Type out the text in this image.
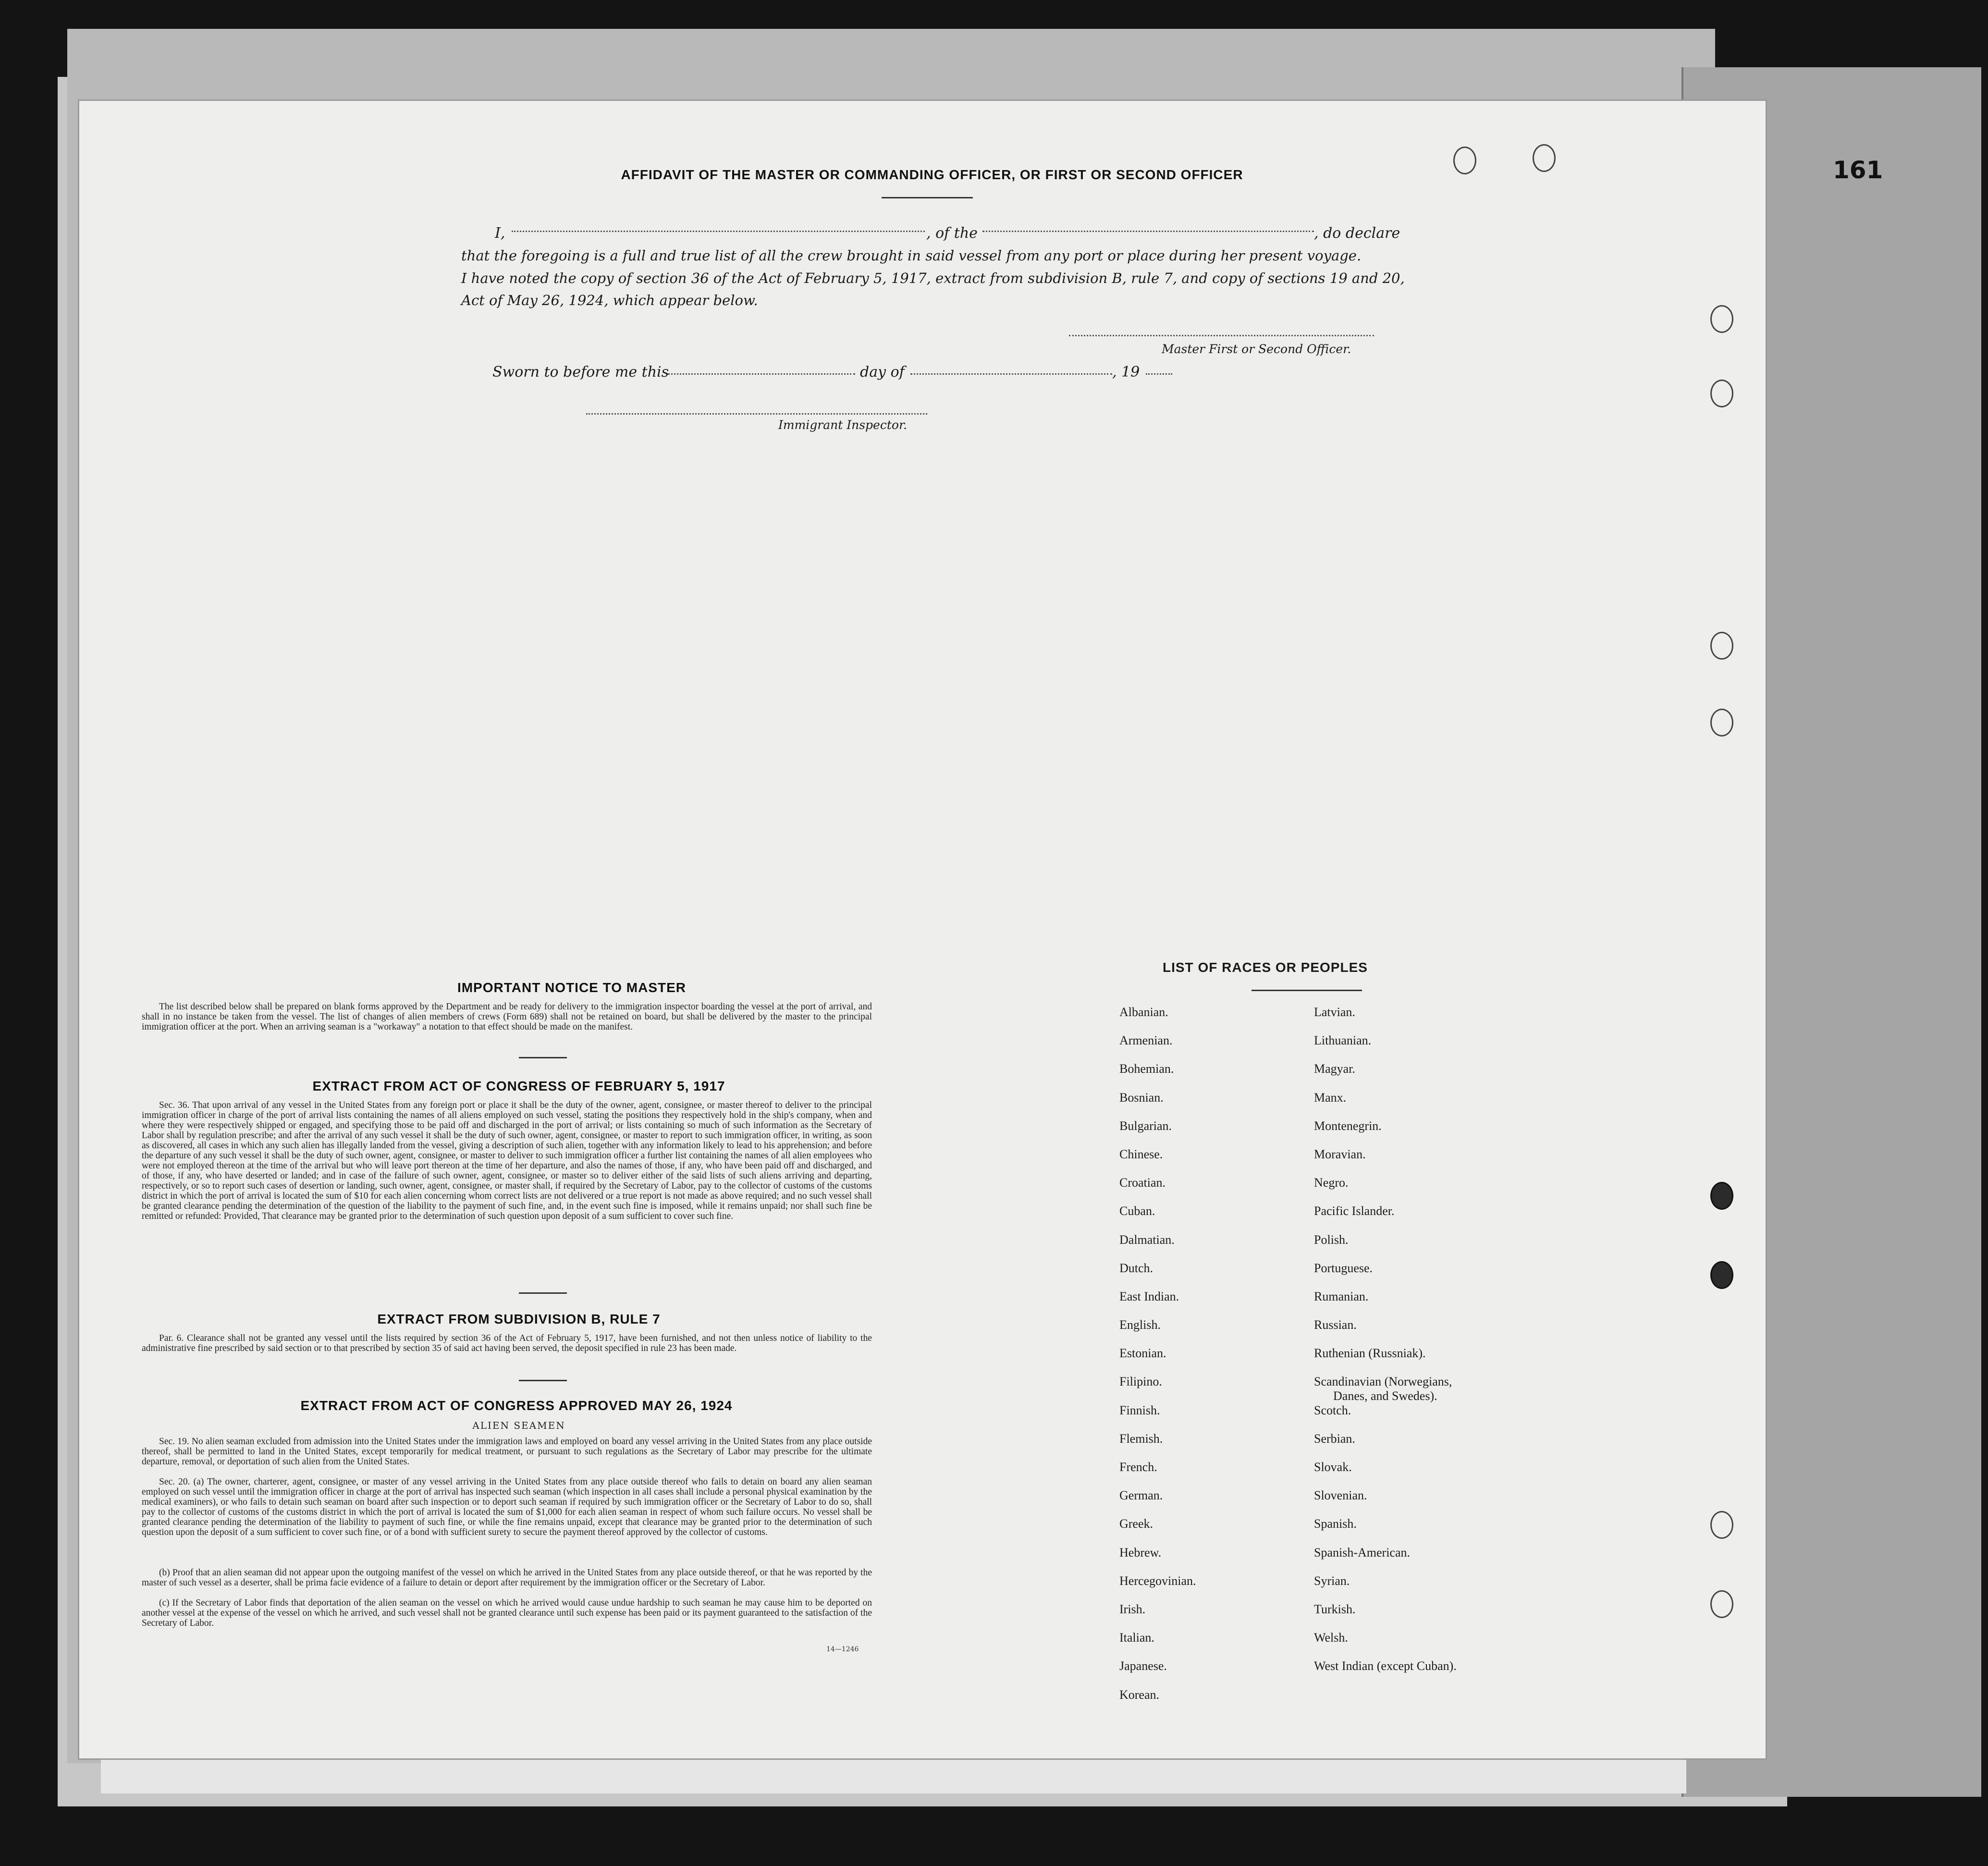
161
AFFIDAVIT OF THE MASTER OR COMMANDING OFFICER, OR FIRST OR SECOND OFFICER
I,	, of the	, do declare
that the foregoing is a full and true list of all the crew brought in said vessel from any port or place during her present voyage.
I have noted the copy of section 36 of the Act of February 5, 1917, extract from subdivision B, rule 7, and copy of sections 19 and 20,
Act of May 26, 1924, which appear below.
Master First or Second Officer.
Sworn to before me this	day of	, 19
Immigrant Inspector.
IMPORTANT NOTICE TO MASTER
The list described below shall be prepared on blank forms approved by the Department and be ready for delivery to the immigration inspector boarding the vessel at the port of arrival, and shall in no instance be taken from the vessel. The list of changes of alien members of crews (Form 689) shall not be retained on board, but shall be delivered by the master to the principal immigration officer at the port. When an arriving seaman is a "workaway" a notation to that effect should be made on the manifest.
EXTRACT FROM ACT OF CONGRESS OF FEBRUARY 5, 1917
Sec. 36. That upon arrival of any vessel in the United States from any foreign port or place it shall be the duty of the owner, agent, consignee, or master thereof to deliver to the principal immigration officer in charge of the port of arrival lists containing the names of all aliens employed on such vessel, stating the positions they respectively hold in the ship's company, when and where they were respectively shipped or engaged, and specifying those to be paid off and discharged in the port of arrival; or lists containing so much of such information as the Secretary of Labor shall by regulation prescribe; and after the arrival of any such vessel it shall be the duty of such owner, agent, consignee, or master to report to such immigration officer, in writing, as soon as discovered, all cases in which any such alien has illegally landed from the vessel, giving a description of such alien, together with any information likely to lead to his apprehension; and before the departure of any such vessel it shall be the duty of such owner, agent, consignee, or master to deliver to such immigration officer a further list containing the names of all alien employees who were not employed thereon at the time of the arrival but who will leave port thereon at the time of her departure, and also the names of those, if any, who have been paid off and discharged, and of those, if any, who have deserted or landed; and in case of the failure of such owner, agent, consignee, or master so to deliver either of the said lists of such aliens arriving and departing, respectively, or so to report such cases of desertion or landing, such owner, agent, consignee, or master shall, if required by the Secretary of Labor, pay to the collector of customs of the customs district in which the port of arrival is located the sum of $10 for each alien concerning whom correct lists are not delivered or a true report is not made as above required; and no such vessel shall be granted clearance pending the determination of the question of the liability to the payment of such fine, and, in the event such fine is imposed, while it remains unpaid; nor shall such fine be remitted or refunded: Provided, That clearance may be granted prior to the determination of such question upon deposit of a sum sufficient to cover such fine.
EXTRACT FROM SUBDIVISION B, RULE 7
Par. 6. Clearance shall not be granted any vessel until the lists required by section 36 of the Act of February 5, 1917, have been furnished, and not then unless notice of liability to the administrative fine prescribed by said section or to that prescribed by section 35 of said act having been served, the deposit specified in rule 23 has been made.
EXTRACT FROM ACT OF CONGRESS APPROVED MAY 26, 1924
ALIEN SEAMEN
Sec. 19. No alien seaman excluded from admission into the United States under the immigration laws and employed on board any vessel arriving in the United States from any place outside thereof, shall be permitted to land in the United States, except temporarily for medical treatment, or pursuant to such regulations as the Secretary of Labor may prescribe for the ultimate departure, removal, or deportation of such alien from the United States.
Sec. 20. (a) The owner, charterer, agent, consignee, or master of any vessel arriving in the United States from any place outside thereof who fails to detain on board any alien seaman employed on such vessel until the immigration officer in charge at the port of arrival has inspected such seaman (which inspection in all cases shall include a personal physical examination by the medical examiners), or who fails to detain such seaman on board after such inspection or to deport such seaman if required by such immigration officer or the Secretary of Labor to do so, shall pay to the collector of customs of the customs district in which the port of arrival is located the sum of $1,000 for each alien seaman in respect of whom such failure occurs. No vessel shall be granted clearance pending the determination of the liability to payment of such fine, or while the fine remains unpaid, except that clearance may be granted prior to the determination of such question upon the deposit of a sum sufficient to cover such fine, or of a bond with sufficient surety to secure the payment thereof approved by the collector of customs.
(b) Proof that an alien seaman did not appear upon the outgoing manifest of the vessel on which he arrived in the United States from any place outside thereof, or that he was reported by the master of such vessel as a deserter, shall be prima facie evidence of a failure to detain or deport after requirement by the immigration officer or the Secretary of Labor.
(c) If the Secretary of Labor finds that deportation of the alien seaman on the vessel on which he arrived would cause undue hardship to such seaman he may cause him to be deported on another vessel at the expense of the vessel on which he arrived, and such vessel shall not be granted clearance until such expense has been paid or its payment guaranteed to the satisfaction of the Secretary of Labor.
14—1246
LIST OF RACES OR PEOPLES
Albanian.
Armenian.
Bohemian.
Bosnian.
Bulgarian.
Chinese.
Croatian.
Cuban.
Dalmatian.
Dutch.
East Indian.
English.
Estonian.
Filipino.
Finnish.
Flemish.
French.
German.
Greek.
Hebrew.
Hercegovinian.
Irish.
Italian.
Japanese.
Korean.
Latvian.
Lithuanian.
Magyar.
Manx.
Montenegrin.
Moravian.
Negro.
Pacific Islander.
Polish.
Portuguese.
Rumanian.
Russian.
Ruthenian (Russniak).
Scandinavian (Norwegians,
Danes, and Swedes).
Scotch.
Serbian.
Slovak.
Slovenian.
Spanish.
Spanish-American.
Syrian.
Turkish.
Welsh.
West Indian (except Cuban).
